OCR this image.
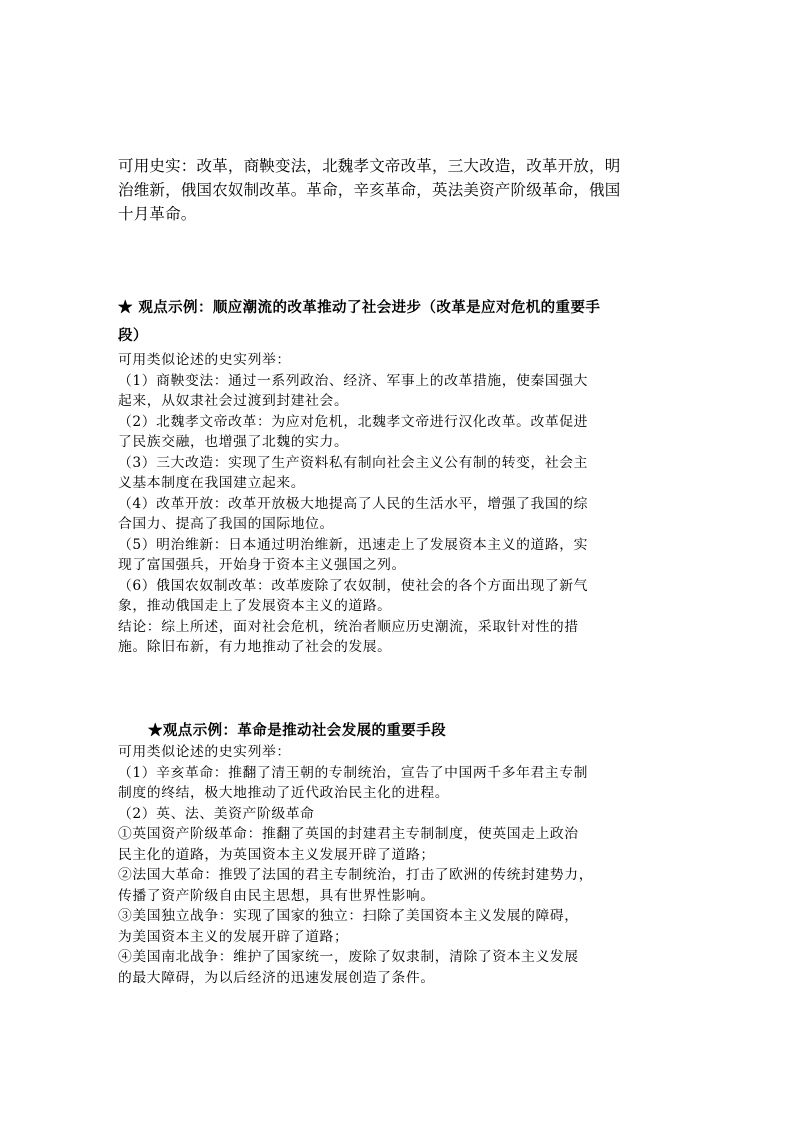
可用史实：改革，商鞅变法，北魏孝文帝改革，三大改造，改革开放，明

治维新，俄国农奴制改革。革命，辛亥革命，英法美资产阶级革命，俄国

十月革命。

★ 观点示例：顺应潮流的改革推动了社会进步（改革是应对危机的重要手
段）

可用类似论述的史实列举：

（1）商鞅变法：通过一系列政治、经济、军事上的改革措施，使秦国强大

起来，从奴隶社会过渡到封建社会。

（2）北魏孝文帝改革：为应对危机，北魏孝文帝进行汉化改革。改革促进

了民族交融，也增强了北魏的实力。

（3）三大改造：实现了生产资料私有制向社会主义公有制的转变，社会主

义基本制度在我国建立起来。

（4）改革开放：改革开放极大地提高了人民的生活水平，增强了我国的综

合国力、提高了我国的国际地位。

（5）明治维新：日本通过明治维新，迅速走上了发展资本主义的道路，实

现了富国强兵，开始身于资本主义强国之列。

（6）俄国农奴制改革：改革废除了农奴制，使社会的各个方面出现了新气

象，推动俄国走上了发展资本主义的道路。

结论：综上所述，面对社会危机，统治者顺应历史潮流，采取针对性的措

施。除旧布新，有力地推动了社会的发展。

★观点示例：革命是推动社会发展的重要手段

可用类似论述的史实列举：

（1）辛亥革命：推翻了清王朝的专制统治，宣告了中国两千多年君主专制

制度的终结，极大地推动了近代政治民主化的进程。

（2）英、法、美资产阶级革命

①英国资产阶级革命：推翻了英国的封建君主专制制度，使英国走上政治

民主化的道路，为英国资本主义发展开辟了道路；

②法国大革命：推毁了法国的君主专制统治，打击了欧洲的传统封建势力，

传播了资产阶级自由民主思想，具有世界性影响。

③美国独立战争：实现了国家的独立：扫除了美国资本主义发展的障碍，

为美国资本主义的发展开辟了道路；

④美国南北战争：维护了国家统一，废除了奴隶制，清除了资本主义发展

的最大障碍，为以后经济的迅速发展创造了条件。
